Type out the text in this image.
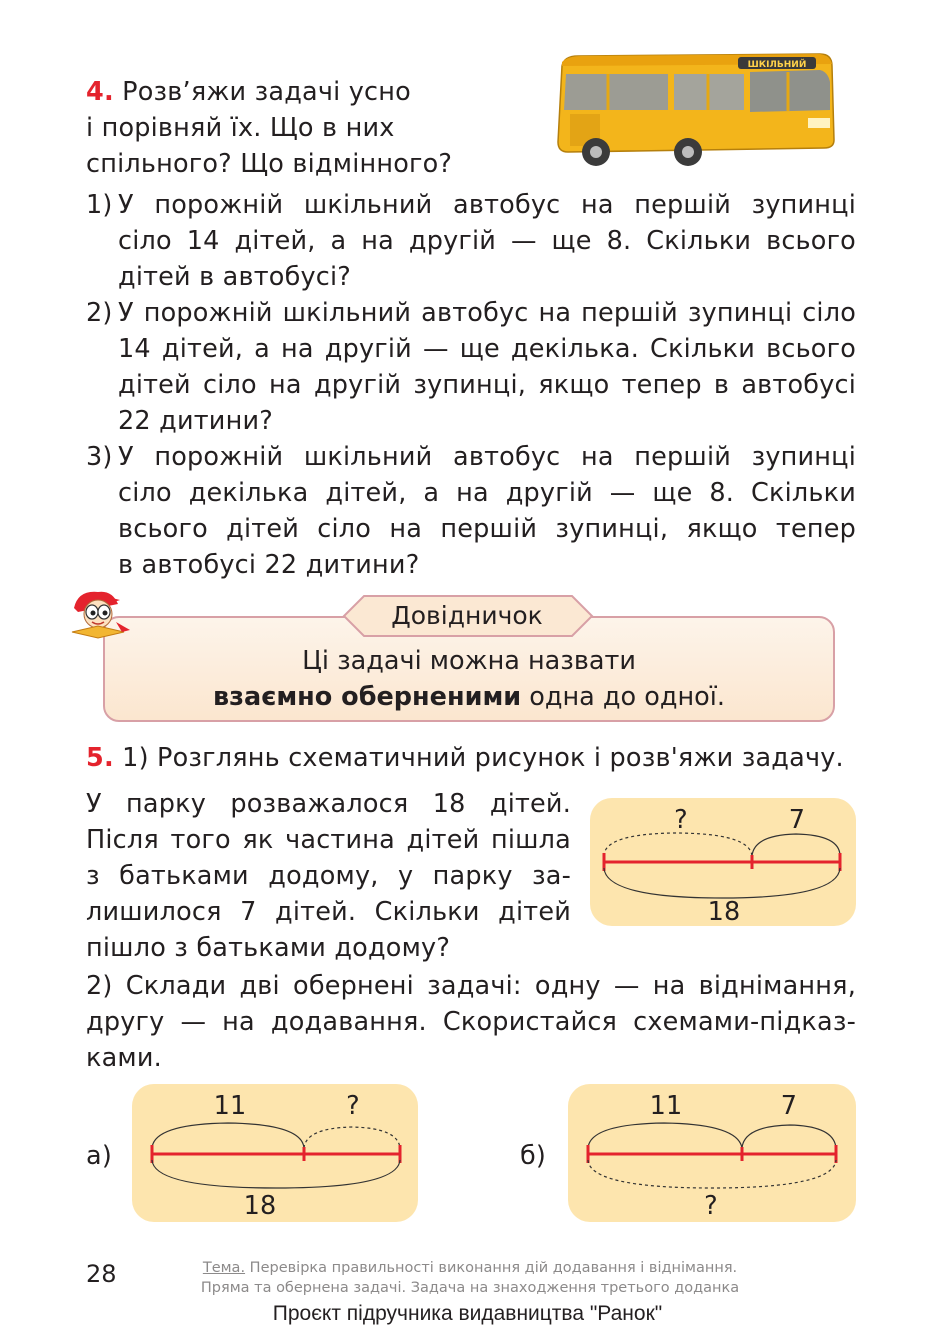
4. Розв’яжи задачі усно
і порівняй їх. Що в них
спільного? Що відмінного?
ШКІЛЬНИЙ
1) У порожній шкільний автобус на першій зупинці
сіло 14 дітей, а на другій — ще 8. Скільки всього
дітей в автобусі?
2) У порожній шкільний автобус на першій зупинці сіло
14 дітей, а на другій — ще декілька. Скільки всього
дітей сіло на другій зупинці, якщо тепер в автобусі
22 дитини?
3) У порожній шкільний автобус на першій зупинці
сіло декілька дітей, а на другій — ще 8. Скільки
всього дітей сіло на першій зупинці, якщо тепер
в автобусі 22 дитини?
Довідничок
Ці задачі можна назвати
взаємно оберненими одна до одної.
5. 1) Розглянь схематичний рисунок і розв'яжи задачу.
У парку розважалося 18 дітей.
Після того як частина дітей пішла
з батьками додому, у парку за-
лишилося 7 дітей. Скільки дітей
пішло з батьками додому?
?	7
18
2) Склади дві обернені задачі: одну — на віднімання,
другу — на додавання. Скористайся схемами-підказ-
ками.
а)
11	?
18
б)
11	7
?
28	Тема. Перевірка правильності виконання дій додавання і віднімання.
Пряма та обернена задачі. Задача на знаходження третього доданка
Проєкт підручника видавництва "Ранок"
